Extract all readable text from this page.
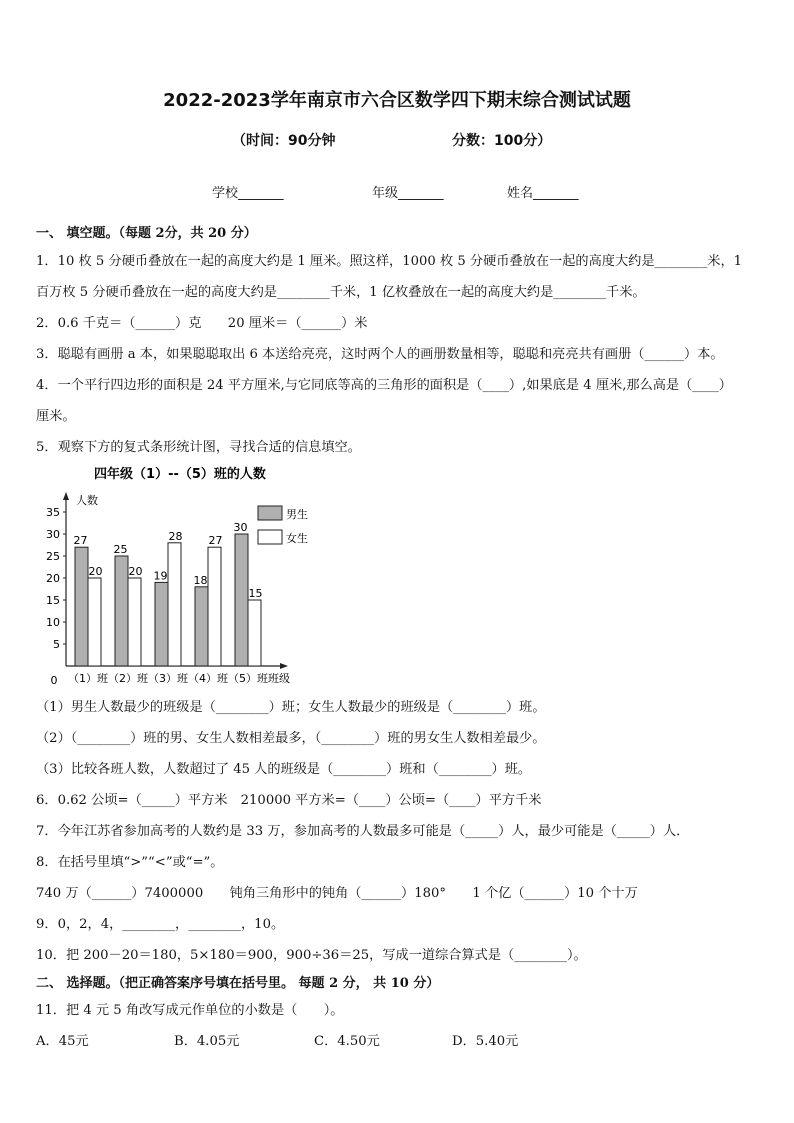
2022-2023学年南京市六合区数学四下期末综合测试试题
（时间：90分钟	分数：100分）
学校_______	年级_______	姓名_______
一、 填空题。（每题 2分，共 20 分）
1．10 枚 5 分硬币叠放在一起的高度大约是 1 厘米。照这样，1000 枚 5 分硬币叠放在一起的高度大约是________米，1
百万枚 5 分硬币叠放在一起的高度大约是________千米，1 亿枚叠放在一起的高度大约是________千米。
2．0.6 千克＝（______）克　　20 厘米＝（______）米
3．聪聪有画册 a 本，如果聪聪取出 6 本送给亮亮，这时两个人的画册数量相等，聪聪和亮亮共有画册（______）本。
4．一个平行四边形的面积是 24 平方厘米,与它同底等高的三角形的面积是（____）,如果底是 4 厘米,那么高是（____）
厘米。
5．观察下方的复式条形统计图，寻找合适的信息填空。
四年级（1）--（5）班的人数
人数
班级
0
5
10
15
20
25
30
35
27
20
（1）班
25
20
（2）班
19
28
（3）班
18
27
（4）班
30
15
（5）班
男生
女生
（1）男生人数最少的班级是（________）班；女生人数最少的班级是（________）班。
（2）（________）班的男、女生人数相差最多，（________）班的男女生人数相差最少。
（3）比较各班人数，人数超过了 45 人的班级是（________）班和（________）班。
6．0.62 公顷=（_____）平方米　210000 平方米=（____）公顷=（____）平方千米
7．今年江苏省参加高考的人数约是 33 万，参加高考的人数最多可能是（_____）人，最少可能是（_____）人．
8．在括号里填“>”“<”或“=”。
740 万（______）7400000　　钝角三角形中的钝角（______）180°　　1 个亿（______）10 个十万
9．0，2，4，________，________，10。
10．把 200－20＝180，5×180＝900，900÷36＝25，写成一道综合算式是（________）。
二、 选择题。（把正确答案序号填在括号里。 每题 2 分， 共 10 分）
11．把 4 元 5 角改写成元作单位的小数是（　　）。
A．45元	B．4.05元	C．4.50元	D．5.40元
